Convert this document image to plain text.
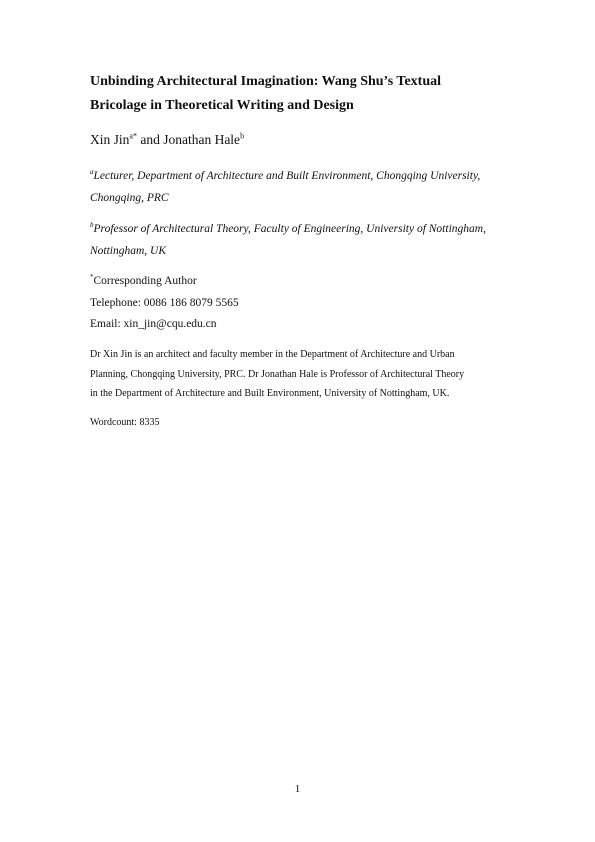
Unbinding Architectural Imagination: Wang Shu’s Textual
Bricolage in Theoretical Writing and Design
Xin Jin$^{a*}$ and Jonathan Hale$^b$
$^a$Lecturer, Department of Architecture and Built Environment, Chongqing University,
Chongqing, PRC
$^b$Professor of Architectural Theory, Faculty of Engineering, University of Nottingham,
Nottingham, UK
*Corresponding Author
Telephone: 0086 186 8079 5565
Email: xin_jin@cqu.edu.cn
Dr Xin Jin is an architect and faculty member in the Department of Architecture and Urban
Planning, Chongqing University, PRC. Dr Jonathan Hale is Professor of Architectural Theory
in the Department of Architecture and Built Environment, University of Nottingham, UK.
Wordcount: 8335
1
